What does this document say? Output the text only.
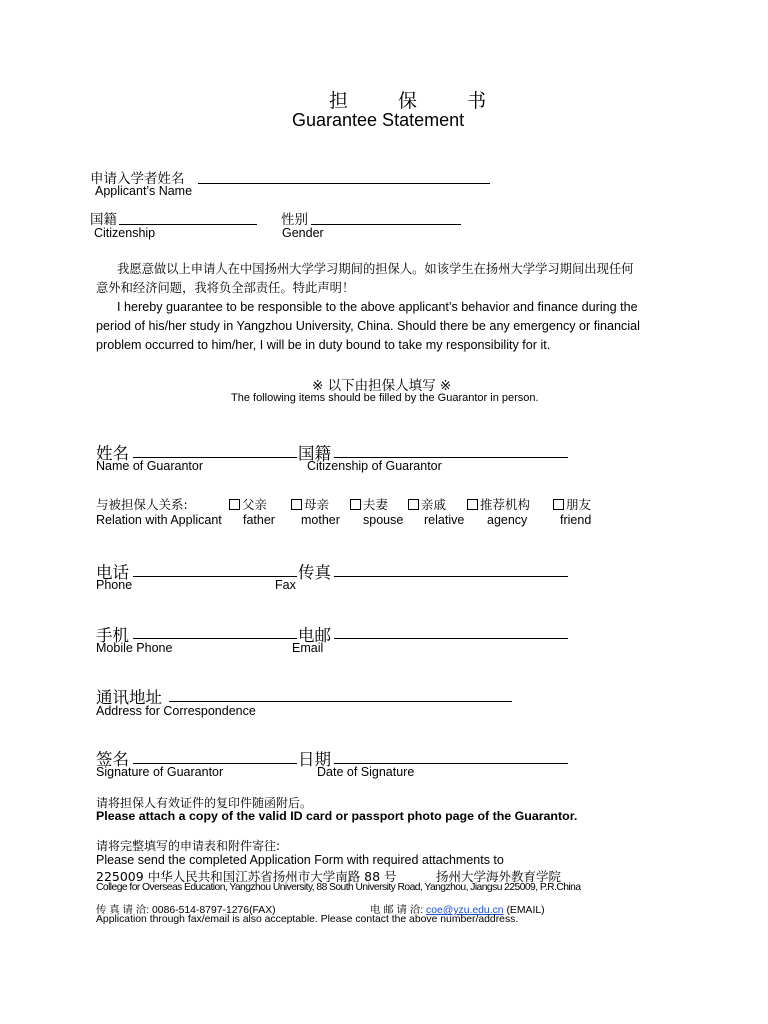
担 保 书
Guarantee Statement
申请入学者姓名
Applicant’s Name
国籍
Citizenship
性别
Gender
我愿意做以上申请人在中国扬州大学学习期间的担保人。如该学生在扬州大学学习期间出现任何
意外和经济问题，我将负全部责任。特此声明！
I hereby guarantee to be responsible to the above applicant’s behavior and finance during the
period of his/her study in Yangzhou University, China. Should there be any emergency or financial
problem occurred to him/her, I will be in duty bound to take my responsibility for it.
※ 以下由担保人填写 ※
The following items should be filled by the Guarantor in person.
姓名	国籍
Name of Guarantor	Citizenship of Guarantor
与被担保人关系:
Relation with Applicant
父亲
father
母亲
mother
夫妻
spouse
亲戚
relative
推荐机构
agency
朋友
friend
电话	传真
Phone	Fax
手机	电邮
Mobile Phone	Email
通讯地址
Address for Correspondence
签名	日期
Signature of Guarantor	Date of Signature
请将担保人有效证件的复印件随函附后。
Please attach a copy of the valid ID card or passport photo page of the Guarantor.
请将完整填写的申请表和附件寄往:
Please send the completed Application Form with required attachments to
225009 中华人民共和国江苏省扬州市大学南路 88 号	扬州大学海外教育学院
College for Overseas Education, Yangzhou University, 88 South University Road, Yangzhou, Jiangsu 225009, P.R.China
传 真 请 洽: 0086-514-8797-1276(FAX)	电 邮 请 洽: coe@yzu.edu.cn (EMAIL)
Application through fax/email is also acceptable. Please contact the above number/address.
